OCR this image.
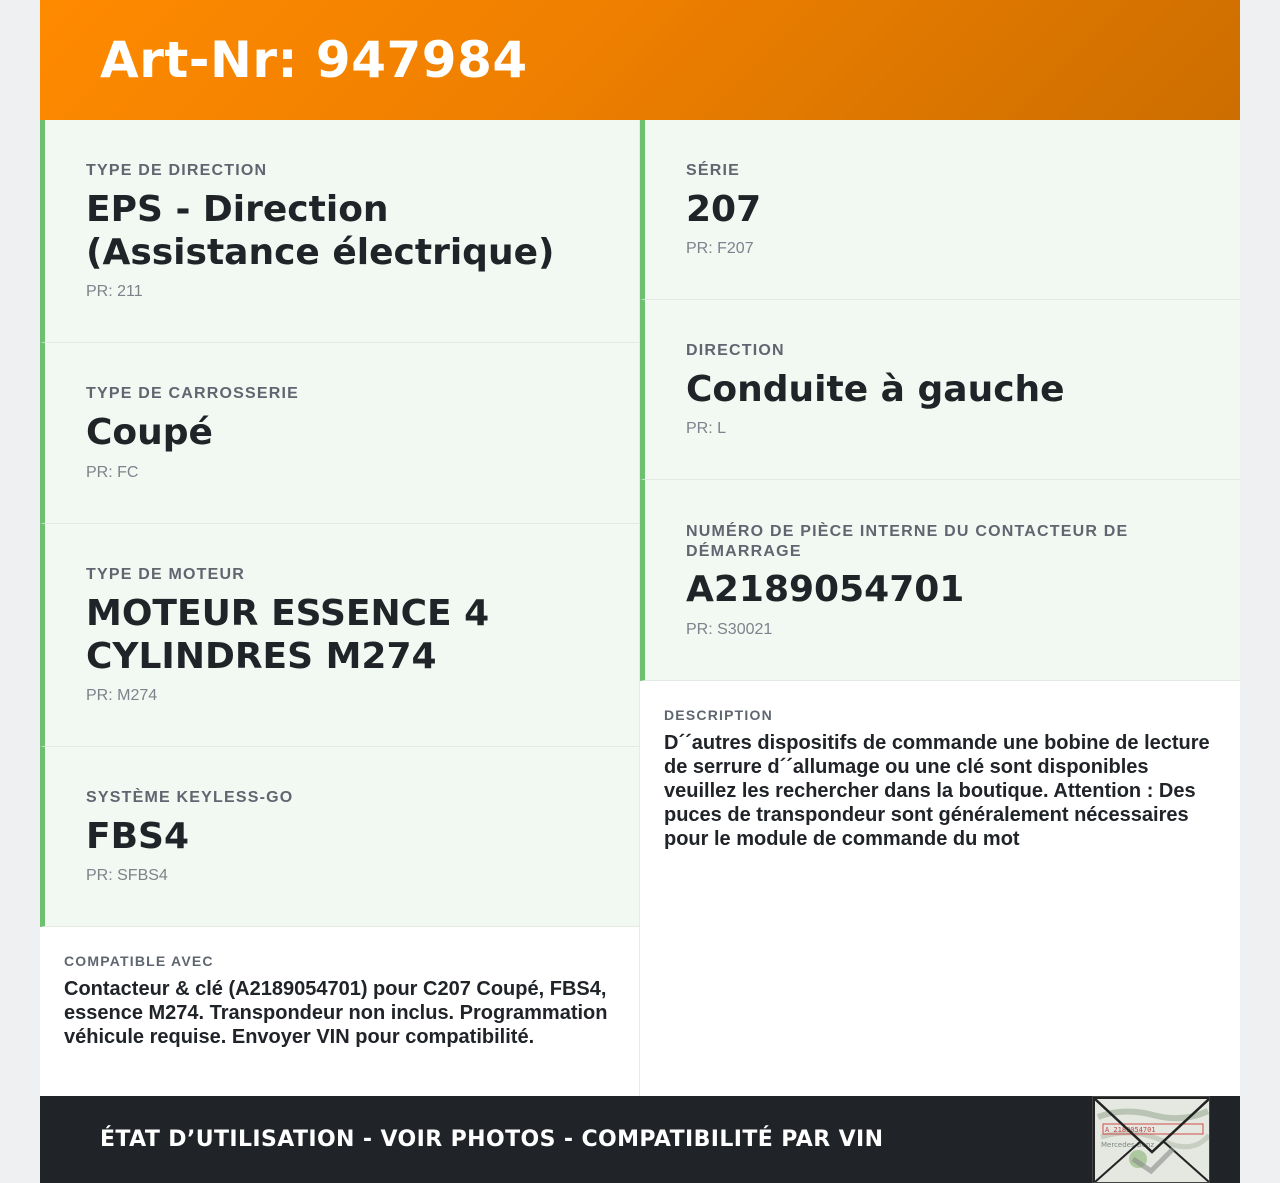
Art-Nr: 947984
TYPE DE DIRECTION
EPS - Direction (Assistance électrique)
PR: 211
TYPE DE CARROSSERIE
Coupé
PR: FC
TYPE DE MOTEUR
MOTEUR ESSENCE 4 CYLINDRES M274
PR: M274
SYSTÈME KEYLESS-GO
FBS4
PR: SFBS4
COMPATIBLE AVEC
Contacteur & clé (A2189054701) pour C207 Coupé, FBS4, essence M274. Transpondeur non inclus. Programmation véhicule requise. Envoyer VIN pour compatibilité.
SÉRIE
207
PR: F207
DIRECTION
Conduite à gauche
PR: L
NUMÉRO DE PIÈCE INTERNE DU CONTACTEUR DE DÉMARRAGE
A2189054701
PR: S30021
DESCRIPTION
D´´autres dispositifs de commande une bobine de lecture de serrure d´´allumage ou une clé sont disponibles veuillez les rechercher dans la boutique. Attention : Des puces de transpondeur sont généralement nécessaires pour le module de commande du mot
ÉTAT D’UTILISATION - VOIR PHOTOS - COMPATIBILITÉ PAR VIN	A 2189054701
Mercedes-Benz
